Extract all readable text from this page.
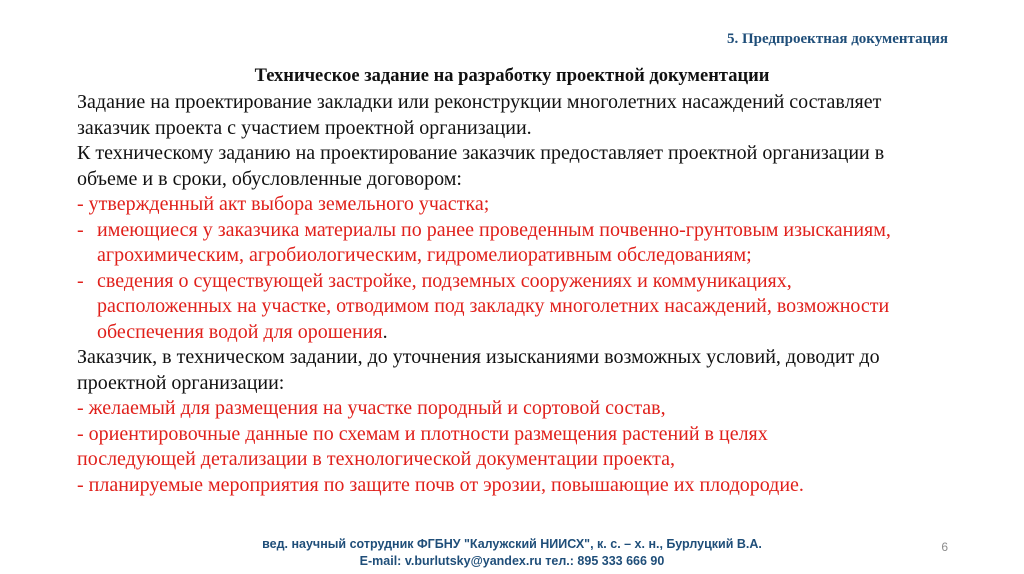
5. Предпроектная документация
Техническое задание на разработку проектной документации
Задание на проектирование закладки или реконструкции многолетних насаждений составляет
заказчик проекта с участием проектной организации.
К техническому заданию на проектирование заказчик предоставляет проектной организации в
объеме и в сроки, обусловленные договором:
- утвержденный акт выбора земельного участка;
- имеющиеся у заказчика материалы по ранее проведенным почвенно-грунтовым изысканиям,
агрохимическим, агробиологическим, гидромелиоративным обследованиям;
- сведения о существующей застройке, подземных сооружениях и коммуникациях,
расположенных на участке, отводимом под закладку многолетних насаждений, возможности
обеспечения водой для орошения.
Заказчик, в техническом задании, до уточнения изысканиями возможных условий, доводит до
проектной организации:
- желаемый для размещения на участке породный и сортовой состав,
- ориентировочные данные по схемам и плотности размещения растений в целях
последующей детализации в технологической документации проекта,
- планируемые мероприятия по защите почв от эрозии, повышающие их плодородие.
вед. научный сотрудник ФГБНУ "Калужский НИИСХ", к. с. – х. н., Бурлуцкий В.А.
E-mail: v.burlutsky@yandex.ru тел.: 895 333 666 90
6
